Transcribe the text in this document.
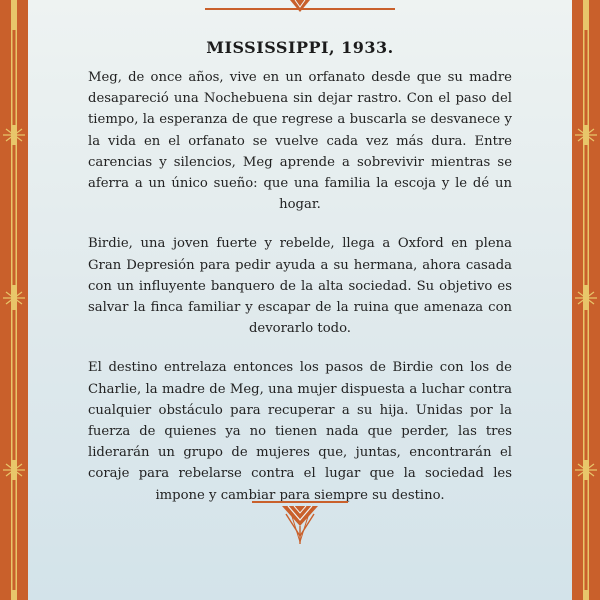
MISSISSIPPI, 1933.

Meg, de once años, vive en un orfanato desde que su madre desapareció una Nochebuena sin dejar rastro. Con el paso del tiempo, la esperanza de que regrese a buscarla se desvanece y la vida en el orfanato se vuelve cada vez más dura. Entre carencias y silencios, Meg aprende a sobrevivir mientras se aferra a un único sueño: que una familia la escoja y le dé un hogar.

Birdie, una joven fuerte y rebelde, llega a Oxford en plena Gran Depresión para pedir ayuda a su hermana, ahora casada con un influyente banquero de la alta sociedad. Su objetivo es salvar la finca familiar y escapar de la ruina que amenaza con devorarlo todo.

El destino entrelaza entonces los pasos de Birdie con los de Charlie, la madre de Meg, una mujer dispuesta a luchar contra cualquier obstáculo para recuperar a su hija. Unidas por la fuerza de quienes ya no tienen nada que perder, las tres liderarán un grupo de mujeres que, juntas, encontrarán el coraje para rebelarse contra el lugar que la sociedad les impone y cambiar para siempre su destino.
